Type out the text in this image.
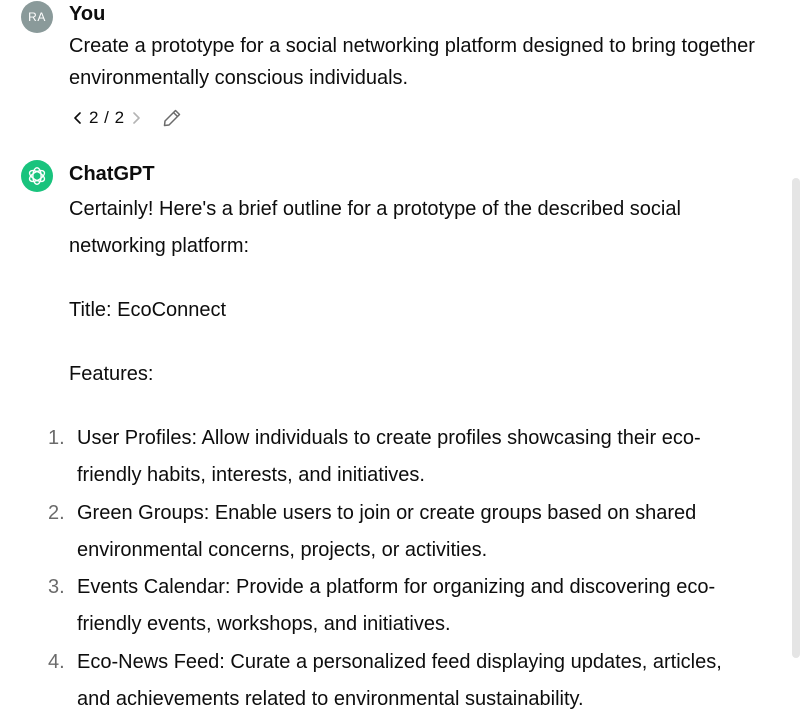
RA	You
Create a prototype for a social networking platform designed to bring together environmentally conscious individuals.
2 / 2
ChatGPT
Certainly! Here's a brief outline for a prototype of the described social networking platform:
Title: EcoConnect
Features:
1. User Profiles: Allow individuals to create profiles showcasing their eco-friendly habits, interests, and initiatives.
2. Green Groups: Enable users to join or create groups based on shared environmental concerns, projects, or activities.
3. Events Calendar: Provide a platform for organizing and discovering eco-friendly events, workshops, and initiatives.
4. Eco-News Feed: Curate a personalized feed displaying updates, articles, and achievements related to environmental sustainability.
